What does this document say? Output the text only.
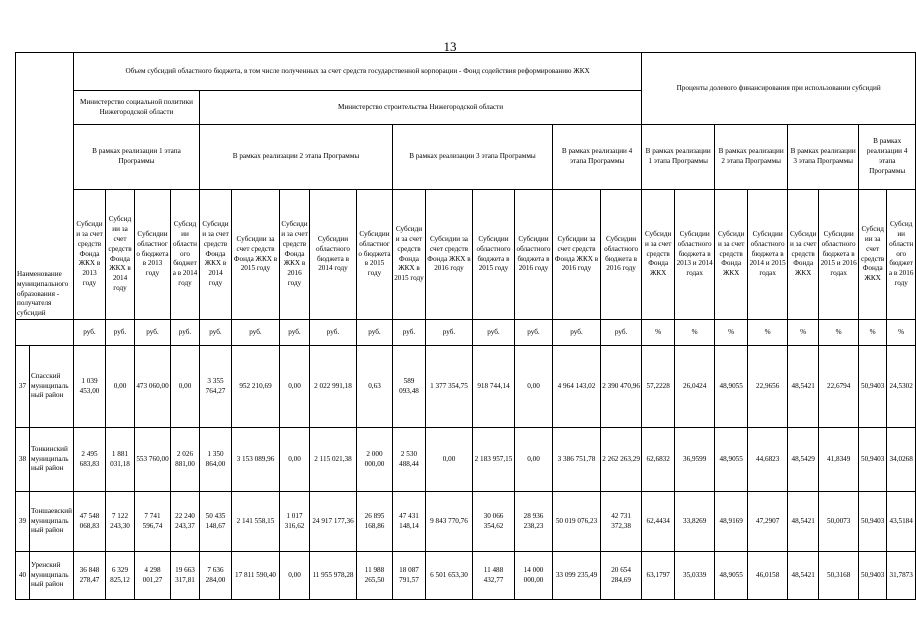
13
Наименование муниципального образования - получателя субсидий		Объем субсидий областного бюджета, в том числе полученных за счет средств государственной корпорации - Фонд содействия реформированию ЖКХ															Проценты долевого финансирования при использовании субсидий							
		Министерство социальной политики Нижегородской области				Министерство строительства Нижегородской области																		
		В рамках реализации 1 этапа Программы				В рамках реализации 2 этапа Программы					В рамках реализации 3 этапа Программы				В рамках реализации 4 этапа Программы		В рамках реализации 1 этапа Программы		В рамках реализации 2 этапа Программы		В рамках реализации 3 этапа Программы		В рамках реализации 4 этапа Программы	
		Субсидии за счет средств Фонда ЖКХ в 2013 году	Субсидии за счет средств Фонда ЖКХ в 2014 году	Субсидии областного бюджета в 2013 году	Субсидии областного бюджета в 2014 году	Субсидии за счет средств Фонда ЖКХ в 2014 году	Субсидии за счет средств Фонда ЖКХ в 2015 году	Субсидии за счет средств Фонда ЖКХ в 2016 году	Субсидии областного бюджета в 2014 году	Субсидии областного бюджета в 2015 году	Субсидии за счет средств Фонда ЖКХ в 2015 году	Субсидии за счет средств Фонда ЖКХ в 2016 году	Субсидии областного бюджета в 2015 году	Субсидии областного бюджета в 2016 году	Субсидии за счет средств Фонда ЖКХ в 2016 году	Субсидии областного бюджета в 2016 году	Субсидии за счет средств Фонда ЖКХ	Субсидии областного бюджета в 2013 и 2014 годах	Субсидии за счет средств Фонда ЖКХ	Субсидии областного бюджета в 2014 и 2015 годах	Субсидии за счет средств Фонда ЖКХ	Субсидии областного бюджета в 2015 и 2016 годах	Субсидии за счет средств Фонда ЖКХ	Субсидии областного бюджета в 2016 году
		руб.	руб.	руб.	руб.	руб.	руб.	руб.	руб.	руб.	руб.	руб.	руб.	руб.	руб.	руб.	%	%	%	%	%	%	%	%
37	Спасский муниципальный район	1 039 453,00	0,00	473 060,00	0,00	3 355 764,27	952 210,69	0,00	2 022 991,18	0,63	589 093,48	1 377 354,75	918 744,14	0,00	4 964 143,02	2 390 470,96	57,2228	26,0424	48,9055	22,9656	48,5421	22,6794	50,9403	24,5302
38	Тонкинский муниципальный район	2 495 683,83	1 881 031,18	553 760,00	2 026 881,00	1 350 864,00	3 153 089,96	0,00	2 115 021,38	2 000 000,00	2 530 488,44	0,00	2 183 957,15	0,00	3 386 751,78	2 262 263,29	62,6832	36,9599	48,9055	44,6823	48,5429	41,8349	50,9403	34,0268
39	Тоншаевский муниципальный район	47 548 068,83	7 122 243,30	7 741 596,74	22 240 243,37	50 435 148,67	2 141 558,15	1 017 316,62	24 917 177,36	26 895 168,86	47 431 148,14	9 843 770,76	30 066 354,62	28 936 238,23	50 019 076,23	42 731 372,38	62,4434	33,8269	48,9169	47,2907	48,5421	50,0073	50,9403	43,5184
40	Уренский муниципальный район	36 848 278,47	6 329 825,12	4 298 001,27	19 663 317,81	7 636 284,00	17 811 590,40	0,00	11 955 978,28	11 988 265,50	18 087 791,57	6 501 653,30	11 488 432,77	14 000 000,00	33 099 235,49	20 654 284,69	63,1797	35,0339	48,9055	46,0158	48,5421	50,3168	50,9403	31,7873
